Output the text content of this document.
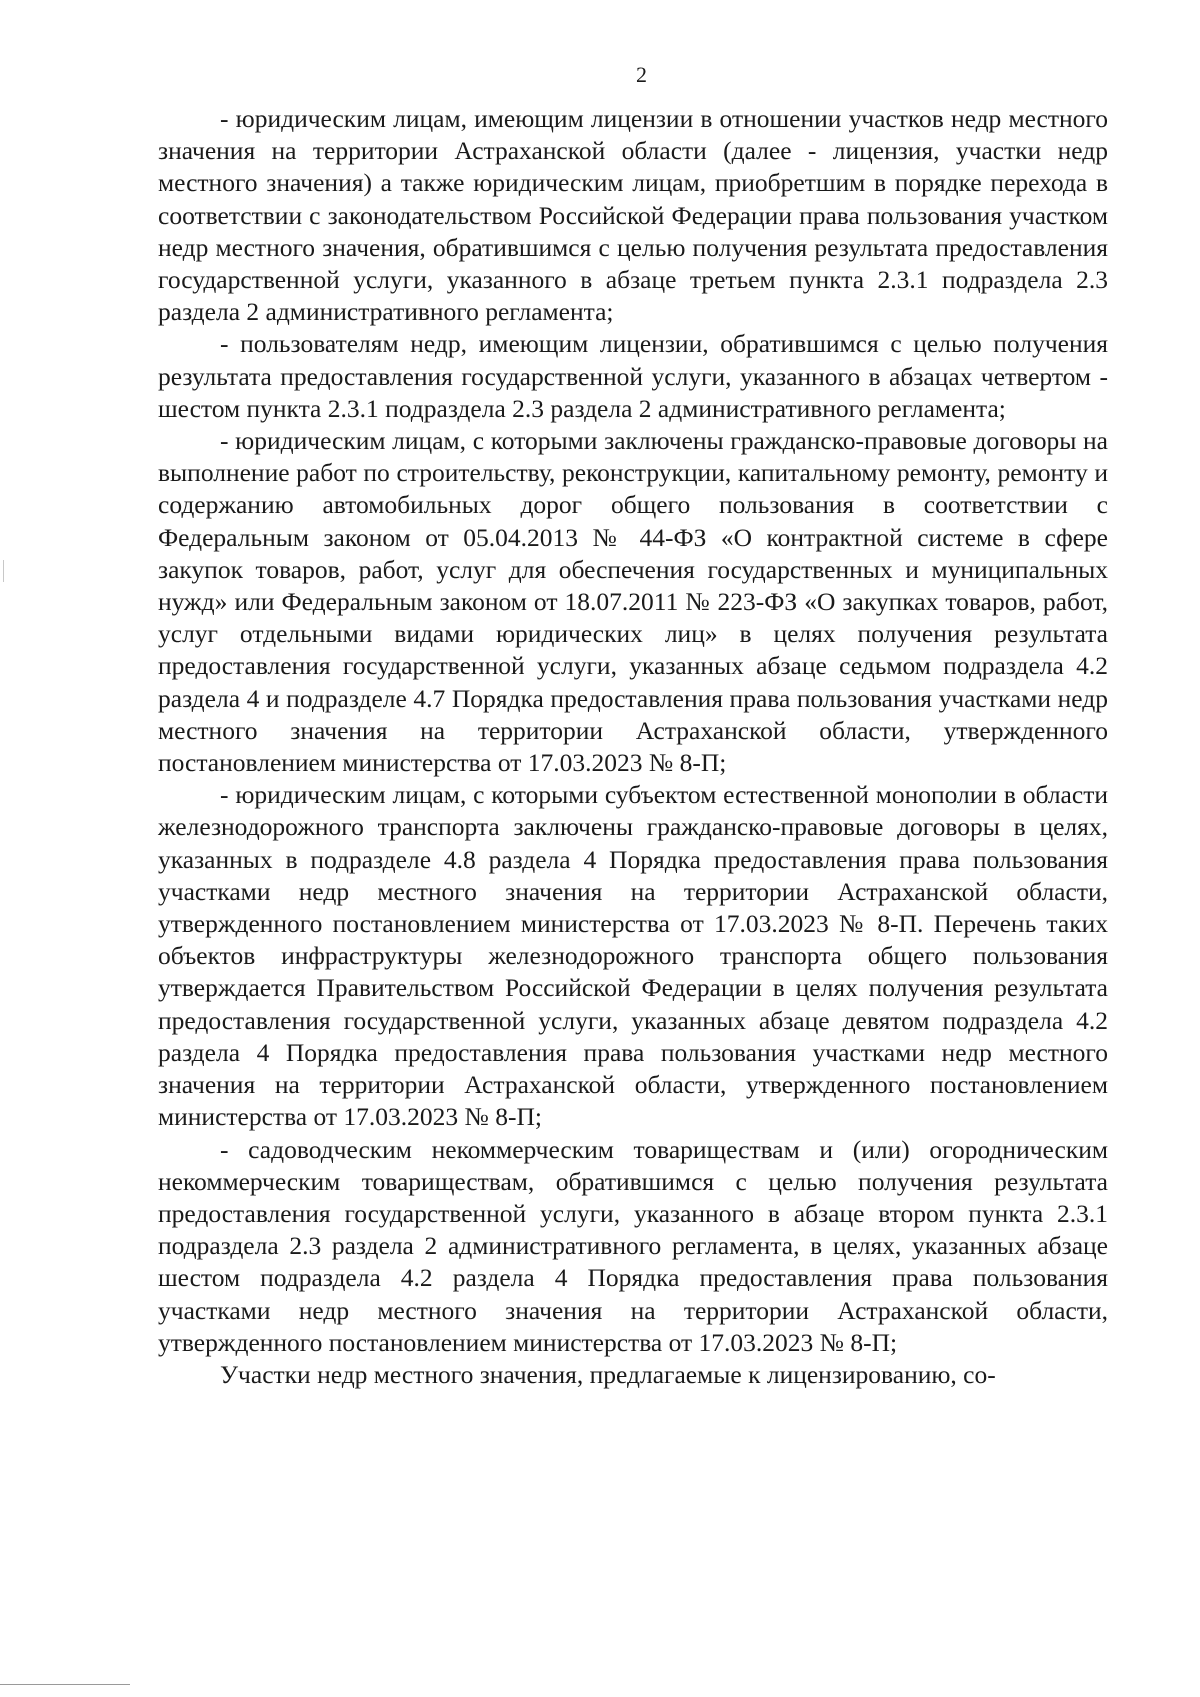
2

- юридическим лицам, имеющим лицензии в отношении участков недр местного значения на территории Астраханской области (далее - лицензия, участки недр местного значения) а также юридическим лицам, приобретшим в порядке перехода в соответствии с законодательством Российской Федерации права пользования участком недр местного значения, обратившимся с целью получения результата предоставления государственной услуги, указанного в абзаце третьем пункта 2.3.1 подраздела 2.3 раздела 2 административного регламента;

- пользователям недр, имеющим лицензии, обратившимся с целью получения результата предоставления государственной услуги, указанного в абзацах четвертом - шестом пункта 2.3.1 подраздела 2.3 раздела 2 административного регламента;

- юридическим лицам, с которыми заключены гражданско-правовые договоры на выполнение работ по строительству, реконструкции, капитальному ремонту, ремонту и содержанию автомобильных дорог общего пользования в соответствии с Федеральным законом от 05.04.2013 № 44-ФЗ «О контрактной системе в сфере закупок товаров, работ, услуг для обеспечения государственных и муниципальных нужд» или Федеральным законом от 18.07.2011 № 223-ФЗ «О закупках товаров, работ, услуг отдельными видами юридических лиц» в целях получения результата предоставления государственной услуги, указанных абзаце седьмом подраздела 4.2 раздела 4 и подразделе 4.7 Порядка предоставления права пользования участками недр местного значения на территории Астраханской области, утвержденного постановлением министерства от 17.03.2023 № 8-П;

- юридическим лицам, с которыми субъектом естественной монополии в области железнодорожного транспорта заключены гражданско-правовые договоры в целях, указанных в подразделе 4.8 раздела 4 Порядка предоставления права пользования участками недр местного значения на территории Астраханской области, утвержденного постановлением министерства от 17.03.2023 № 8-П. Перечень таких объектов инфраструктуры железнодорожного транспорта общего пользования утверждается Правительством Российской Федерации в целях получения результата предоставления государственной услуги, указанных абзаце девятом подраздела 4.2 раздела 4 Порядка предоставления права пользования участками недр местного значения на территории Астраханской области, утвержденного постановлением министерства от 17.03.2023 № 8-П;

- садоводческим некоммерческим товариществам и (или) огородническим некоммерческим товариществам, обратившимся с целью получения результата предоставления государственной услуги, указанного в абзаце втором пункта 2.3.1 подраздела 2.3 раздела 2 административного регламента, в целях, указанных абзаце шестом подраздела 4.2 раздела 4 Порядка предоставления права пользования участками недр местного значения на территории Астраханской области, утвержденного постановлением министерства от 17.03.2023 № 8-П;

Участки недр местного значения, предлагаемые к лицензированию, со-
